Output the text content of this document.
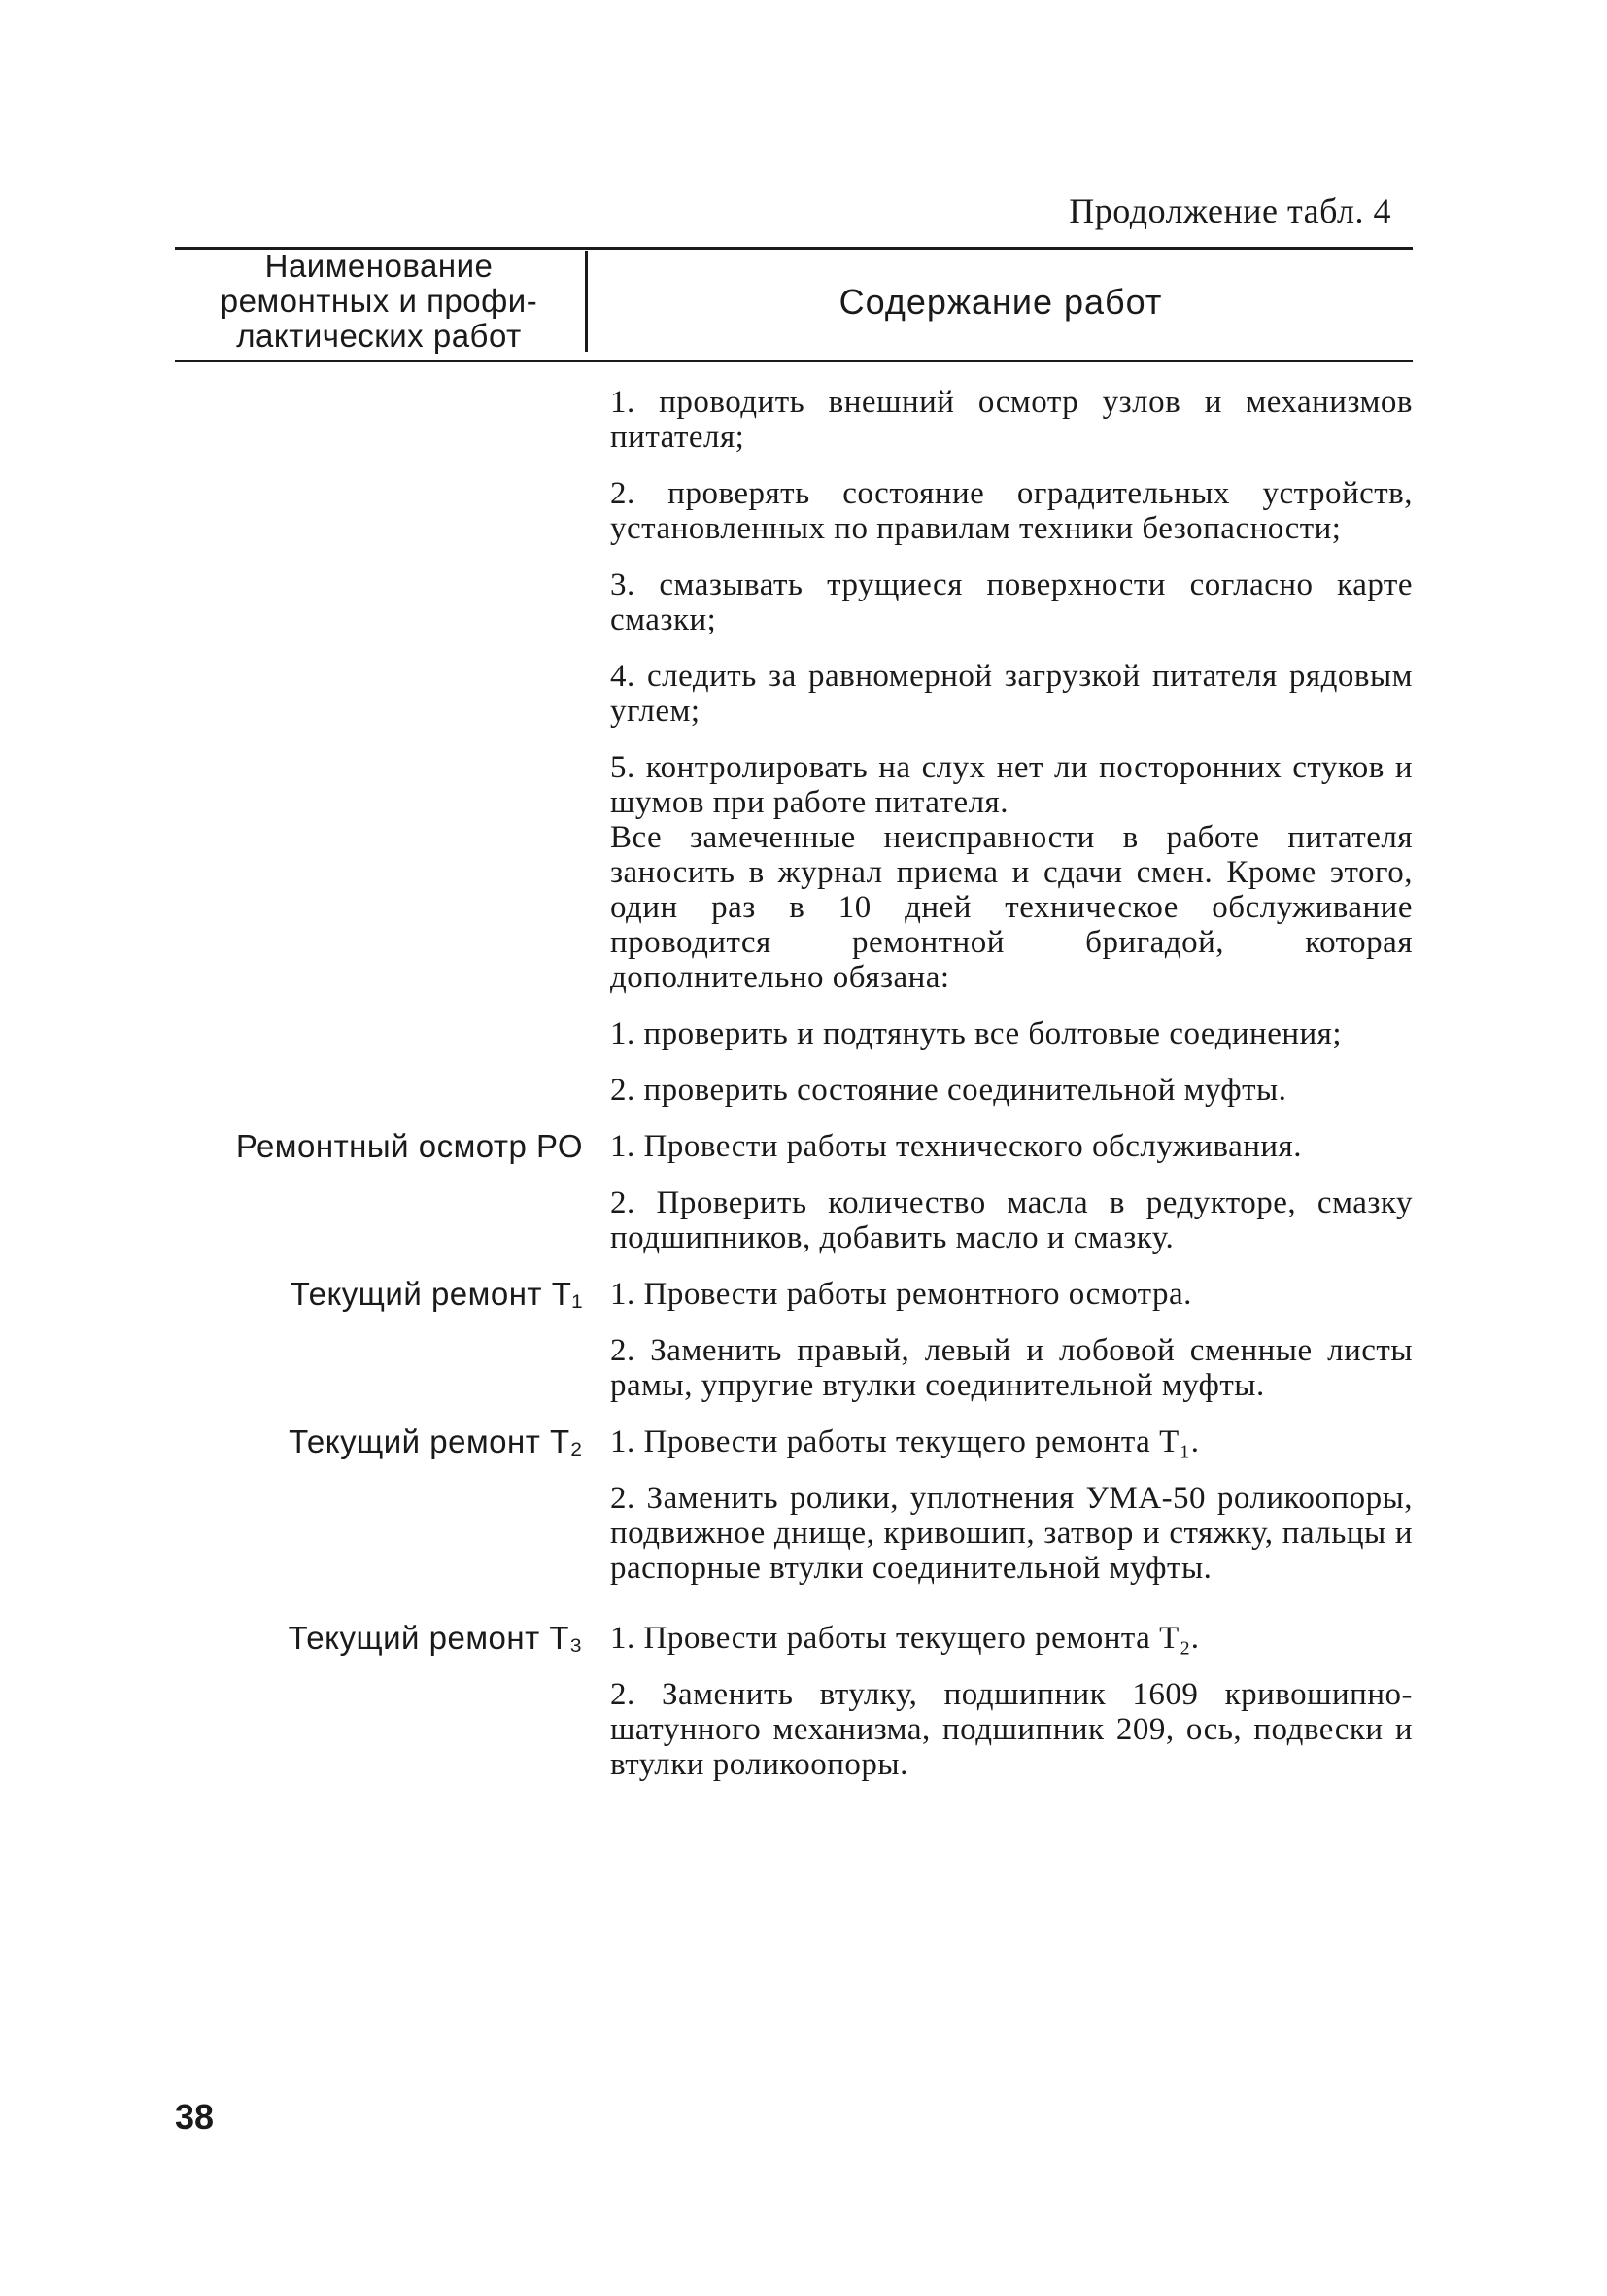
Продолжение табл. 4
Наименование
ремонтных и профи-
лактических работ
Содержание работ
1. проводить внешний осмотр узлов и механизмов питателя;
2. проверять состояние оградительных устройств, установленных по правилам техники безопасности;
3. смазывать трущиеся поверхности согласно карте смазки;
4. следить за равномерной загрузкой питателя рядовым углем;
5. контролировать на слух нет ли посторонних стуков и шумов при работе питателя.
Все замеченные неисправности в работе питателя заносить в журнал приема и сдачи смен. Кроме этого, один раз в 10 дней техническое обслуживание проводится ремонтной бригадой, которая дополнительно обязана:
1. проверить и подтянуть все болтовые соединения;
2. проверить состояние соединительной муфты.
Ремонтный осмотр РО 1. Провести работы технического обслуживания.
2. Проверить количество масла в редукторе, смазку подшипников, добавить масло и смазку.
Текущий ремонт Т₁ 1. Провести работы ремонтного осмотра.
2. Заменить правый, левый и лобовой сменные листы рамы, упругие втулки соединительной муфты.
Текущий ремонт Т₂ 1. Провести работы текущего ремонта Т₁.
2. Заменить ролики, уплотнения УМА-50 роликоопоры, подвижное днище, кривошип, затвор и стяжку, пальцы и распорные втулки соединительной муфты.
Текущий ремонт Т₃ 1. Провести работы текущего ремонта Т₂.
2. Заменить втулку, подшипник 1609 кривошипно-шатунного механизма, подшипник 209, ось, подвески и втулки роликоопоры.
38
